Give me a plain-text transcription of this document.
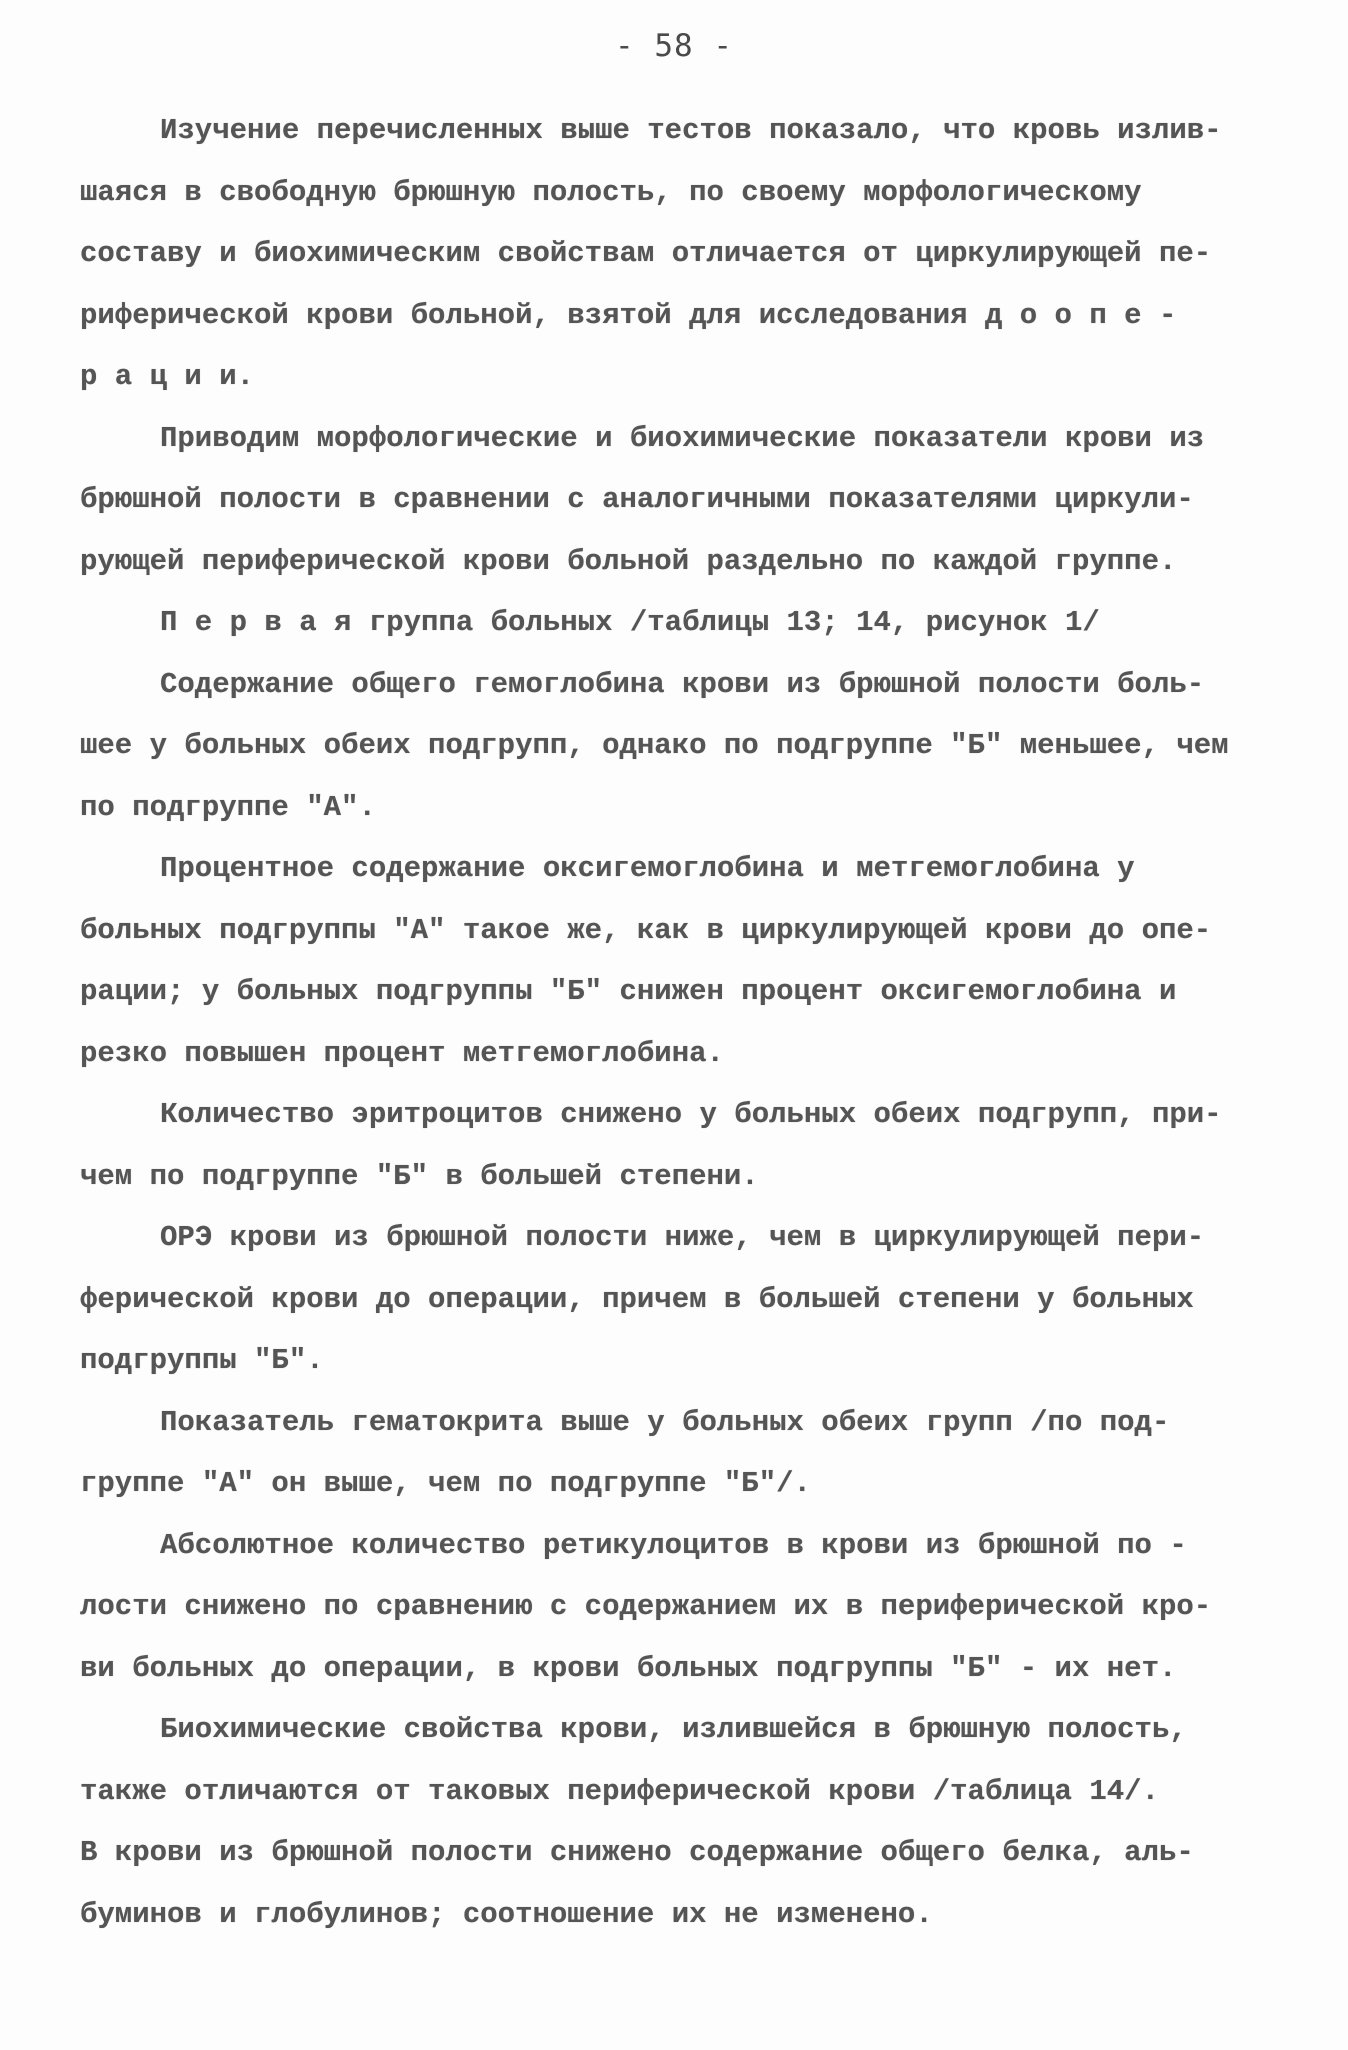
- 58 -
Изучение перечисленных выше тестов показало, что кровь излив-
шаяся в свободную брюшную полость, по своему морфологическому
составу и биохимическим свойствам отличается от циркулирующей пе-
риферической крови больной, взятой для исследования д о о п е -
р а ц и и.
Приводим морфологические и биохимические показатели крови из
брюшной полости в сравнении с аналогичными показателями циркули-
рующей периферической крови больной раздельно по каждой группе.
П е р в а я группа больных /таблицы 13; 14, рисунок 1/
Содержание общего гемоглобина крови из брюшной полости боль-
шее у больных обеих подгрупп, однако по подгруппе "Б" меньшее, чем
по подгруппе "А".
Процентное содержание оксигемоглобина и метгемоглобина у
больных подгруппы "А" такое же, как в циркулирующей крови до опе-
рации; у больных подгруппы "Б" снижен процент оксигемоглобина и
резко повышен процент метгемоглобина.
Количество эритроцитов снижено у больных обеих подгрупп, при-
чем по подгруппе "Б" в большей степени.
ОРЭ крови из брюшной полости ниже, чем в циркулирующей пери-
ферической крови до операции, причем в большей степени у больных
подгруппы "Б".
Показатель гематокрита выше у больных обеих групп /по под-
группе "А" он выше, чем по подгруппе "Б"/.
Абсолютное количество ретикулоцитов в крови из брюшной по -
лости снижено по сравнению с содержанием их в периферической кро-
ви больных до операции, в крови больных подгруппы "Б" - их нет.
Биохимические свойства крови, излившейся в брюшную полость,
также отличаются от таковых периферической крови /таблица 14/.
В крови из брюшной полости снижено содержание общего белка, аль-
буминов и глобулинов; соотношение их не изменено.
